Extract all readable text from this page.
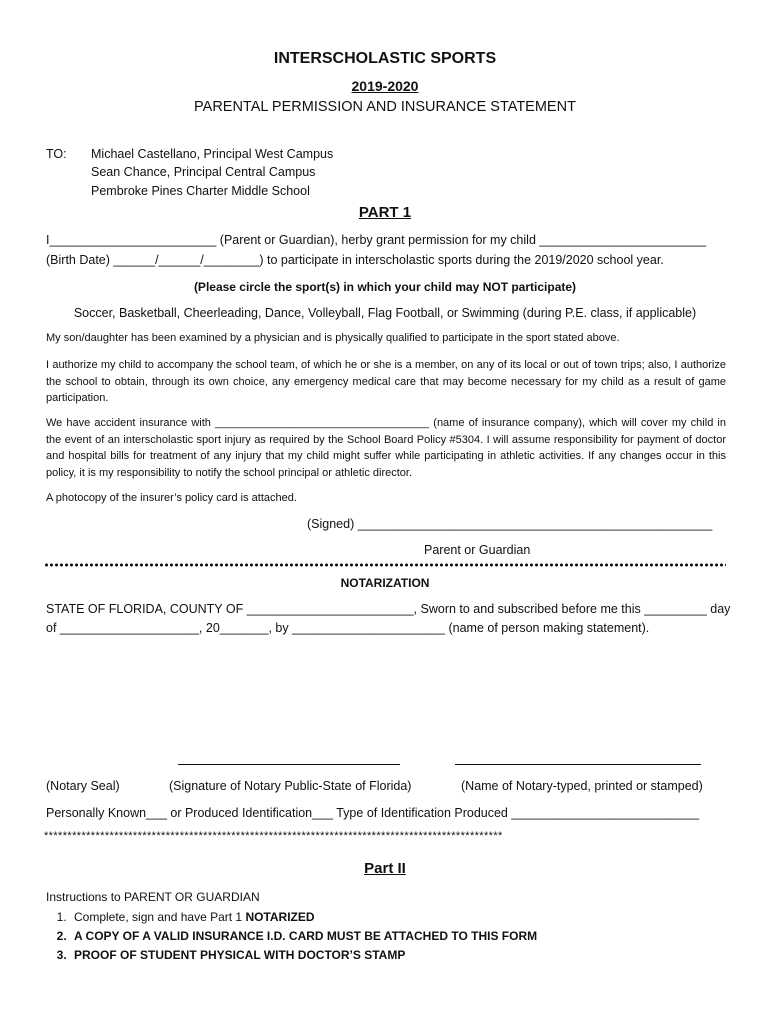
INTERSCHOLASTIC SPORTS
2019-2020
PARENTAL PERMISSION AND INSURANCE STATEMENT
TO: Michael Castellano, Principal West Campus
Sean Chance, Principal Central Campus
Pembroke Pines Charter Middle School
PART 1
I________________________ (Parent or Guardian), herby grant permission for my child ________________________
(Birth Date) ______/______/________) to participate in interscholastic sports during the 2019/2020 school year.
(Please circle the sport(s) in which your child may NOT participate)
Soccer, Basketball, Cheerleading, Dance, Volleyball, Flag Football, or Swimming (during P.E. class, if applicable)
My son/daughter has been examined by a physician and is physically qualified to participate in the sport stated above.
I authorize my child to accompany the school team, of which he or she is a member, on any of its local or out of town trips; also, I authorize the school to obtain, through its own choice, any emergency medical care that may become necessary for my child as a result of game participation.
We have accident insurance with ___________________________________ (name of insurance company), which will cover my child in the event of an interscholastic sport injury as required by the School Board Policy #5304. I will assume responsibility for payment of doctor and hospital bills for treatment of any injury that my child might suffer while participating in athletic activities. If any changes occur in this policy, it is my responsibility to notify the school principal or athletic director.
A photocopy of the insurer’s policy card is attached.
(Signed) ___________________________________________________
Parent or Guardian
NOTARIZATION
STATE OF FLORIDA, COUNTY OF ________________________, Sworn to and subscribed before me this _________ day
of ____________________, 20_______, by ______________________ (name of person making statement).
(Notary Seal)	(Signature of Notary Public-State of Florida)	(Name of Notary-typed, printed or stamped)
Personally Known___ or Produced Identification___ Type of Identification Produced ___________________________
**************************************************************************************************
Part II
Instructions to PARENT OR GUARDIAN
1. Complete, sign and have Part 1 NOTARIZED
2. A COPY OF A VALID INSURANCE I.D. CARD MUST BE ATTACHED TO THIS FORM
3. PROOF OF STUDENT PHYSICAL WITH DOCTOR’S STAMP
